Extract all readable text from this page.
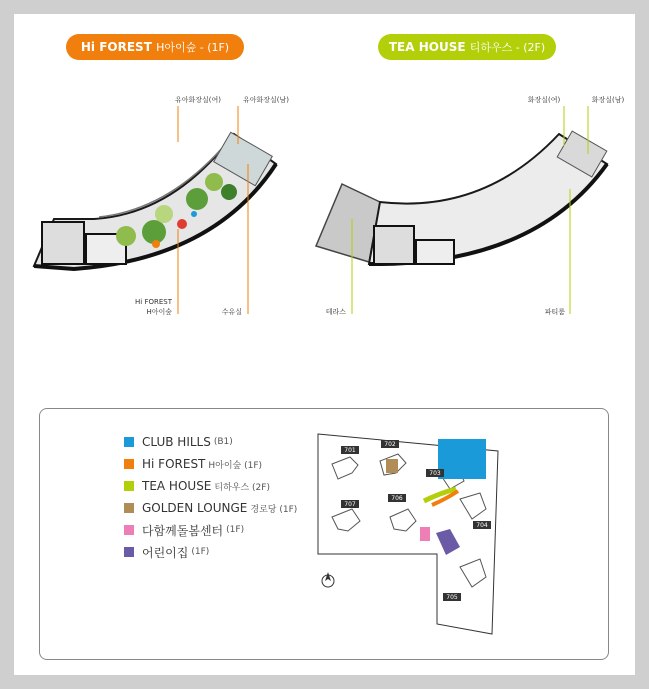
Hi FOREST H아이숲 - (1F)	TEA HOUSE 티하우스 - (2F)
유아화장실(여)	유아화장실(남)
Hi FOREST
H아이숲	수유실
화장실(여)	화장실(남)
테라스	파티룸
CLUB HILLS (B1)
Hi FOREST H아이숲 (1F)
TEA HOUSE 티하우스 (2F)
GOLDEN LOUNGE 경로당 (1F)
다함께돌봄센터 (1F)
어린이집 (1F)
701
702
703
704
705
706
707
